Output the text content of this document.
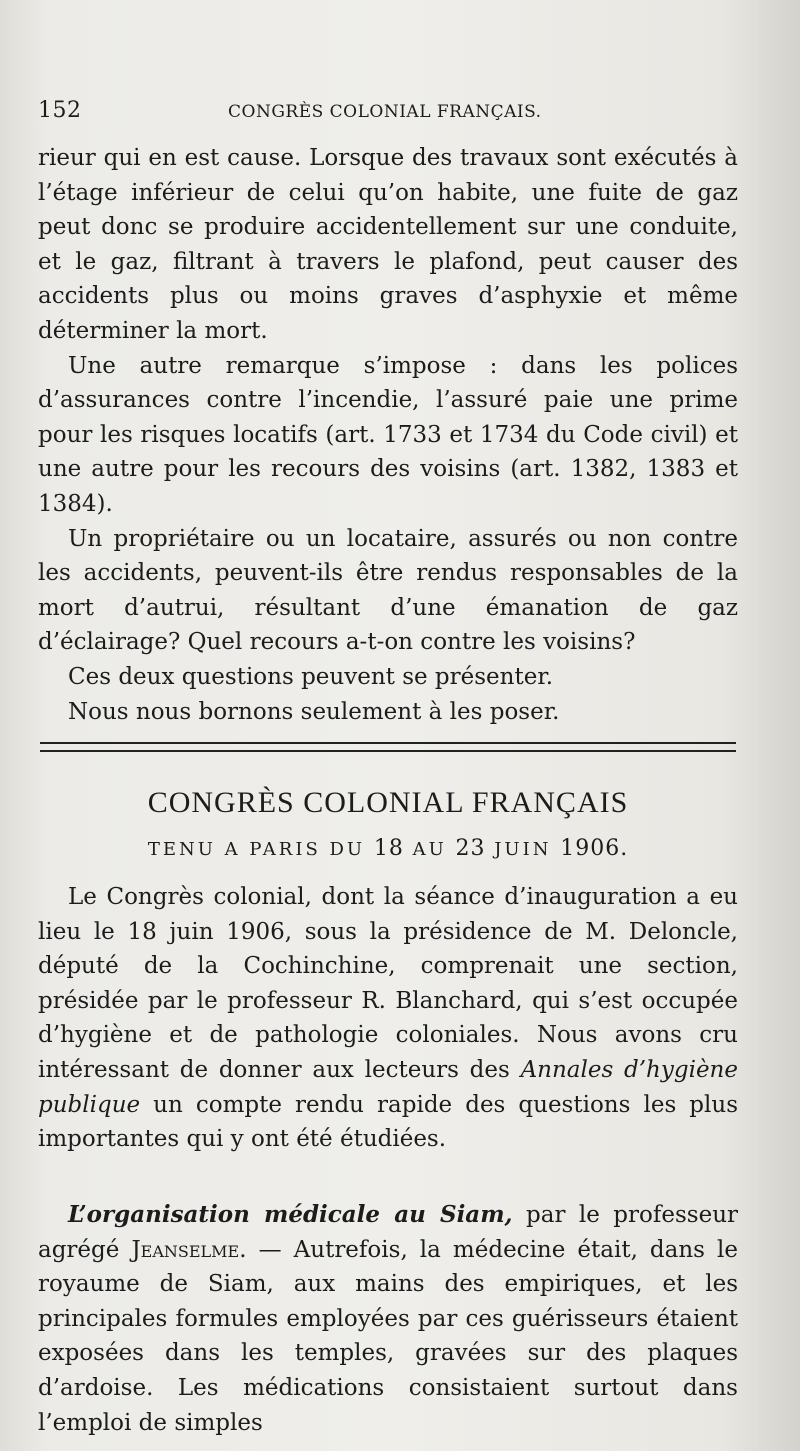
152	CONGRÈS COLONIAL FRANÇAIS.

rieur qui en est cause. Lorsque des travaux sont exécutés à l’étage inférieur de celui qu’on habite, une fuite de gaz peut donc se produire accidentellement sur une conduite, et le gaz, filtrant à travers le plafond, peut causer des accidents plus ou moins graves d’asphyxie et même déterminer la mort.

Une autre remarque s’impose : dans les polices d’assurances contre l’incendie, l’assuré paie une prime pour les risques locatifs (art. 1733 et 1734 du Code civil) et une autre pour les recours des voisins (art. 1382, 1383 et 1384).

Un propriétaire ou un locataire, assurés ou non contre les accidents, peuvent-ils être rendus responsables de la mort d’autrui, résultant d’une émanation de gaz d’éclairage? Quel recours a-t-on contre les voisins?

Ces deux questions peuvent se présenter.

Nous nous bornons seulement à les poser.

CONGRÈS COLONIAL FRANÇAIS
TENU A PARIS DU 18 AU 23 JUIN 1906.

Le Congrès colonial, dont la séance d’inauguration a eu lieu le 18 juin 1906, sous la présidence de M. Deloncle, député de la Cochinchine, comprenait une section, présidée par le professeur R. Blanchard, qui s’est occupée d’hygiène et de pathologie coloniales. Nous avons cru intéressant de donner aux lecteurs des Annales d’hygiène publique un compte rendu rapide des questions les plus importantes qui y ont été étudiées.

L’organisation médicale au Siam, par le professeur agrégé Jeanselme. — Autrefois, la médecine était, dans le royaume de Siam, aux mains des empiriques, et les principales formules employées par ces guérisseurs étaient exposées dans les temples, gravées sur des plaques d’ardoise. Les médications consistaient surtout dans l’emploi de simples
